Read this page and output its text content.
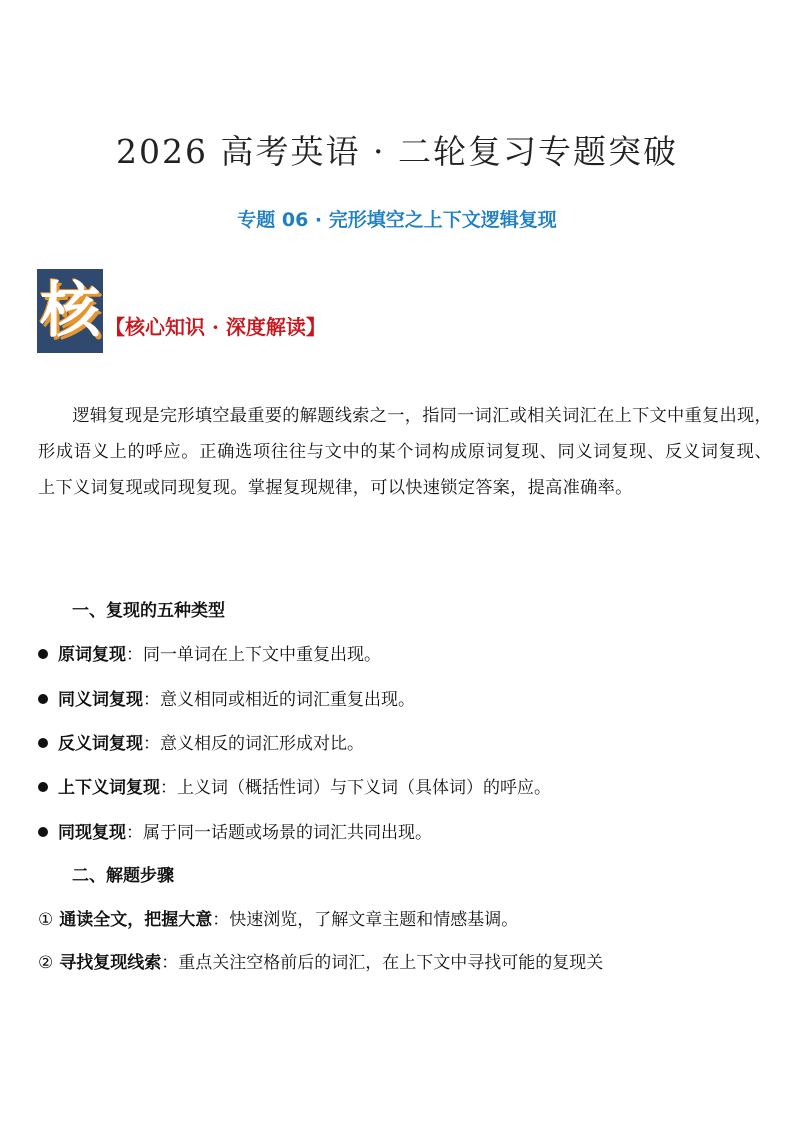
2026 高考英语 · 二轮复习专题突破
专题 06 · 完形填空之上下文逻辑复现
核 【核心知识 · 深度解读】

逻辑复现是完形填空最重要的解题线索之一，指同一词汇或相关词汇在上下文中重复出现，形成语义上的呼应。正确选项往往与文中的某个词构成原词复现、同义词复现、反义词复现、上下义词复现或同现复现。掌握复现规律，可以快速锁定答案，提高准确率。

一、复现的五种类型
原词复现：同一单词在上下文中重复出现。
同义词复现：意义相同或相近的词汇重复出现。
反义词复现：意义相反的词汇形成对比。
上下义词复现：上义词（概括性词）与下义词（具体词）的呼应。
同现复现：属于同一话题或场景的词汇共同出现。
二、解题步骤
① 通读全文，把握大意：快速浏览，了解文章主题和情感基调。
② 寻找复现线索：重点关注空格前后的词汇，在上下文中寻找可能的复现关
